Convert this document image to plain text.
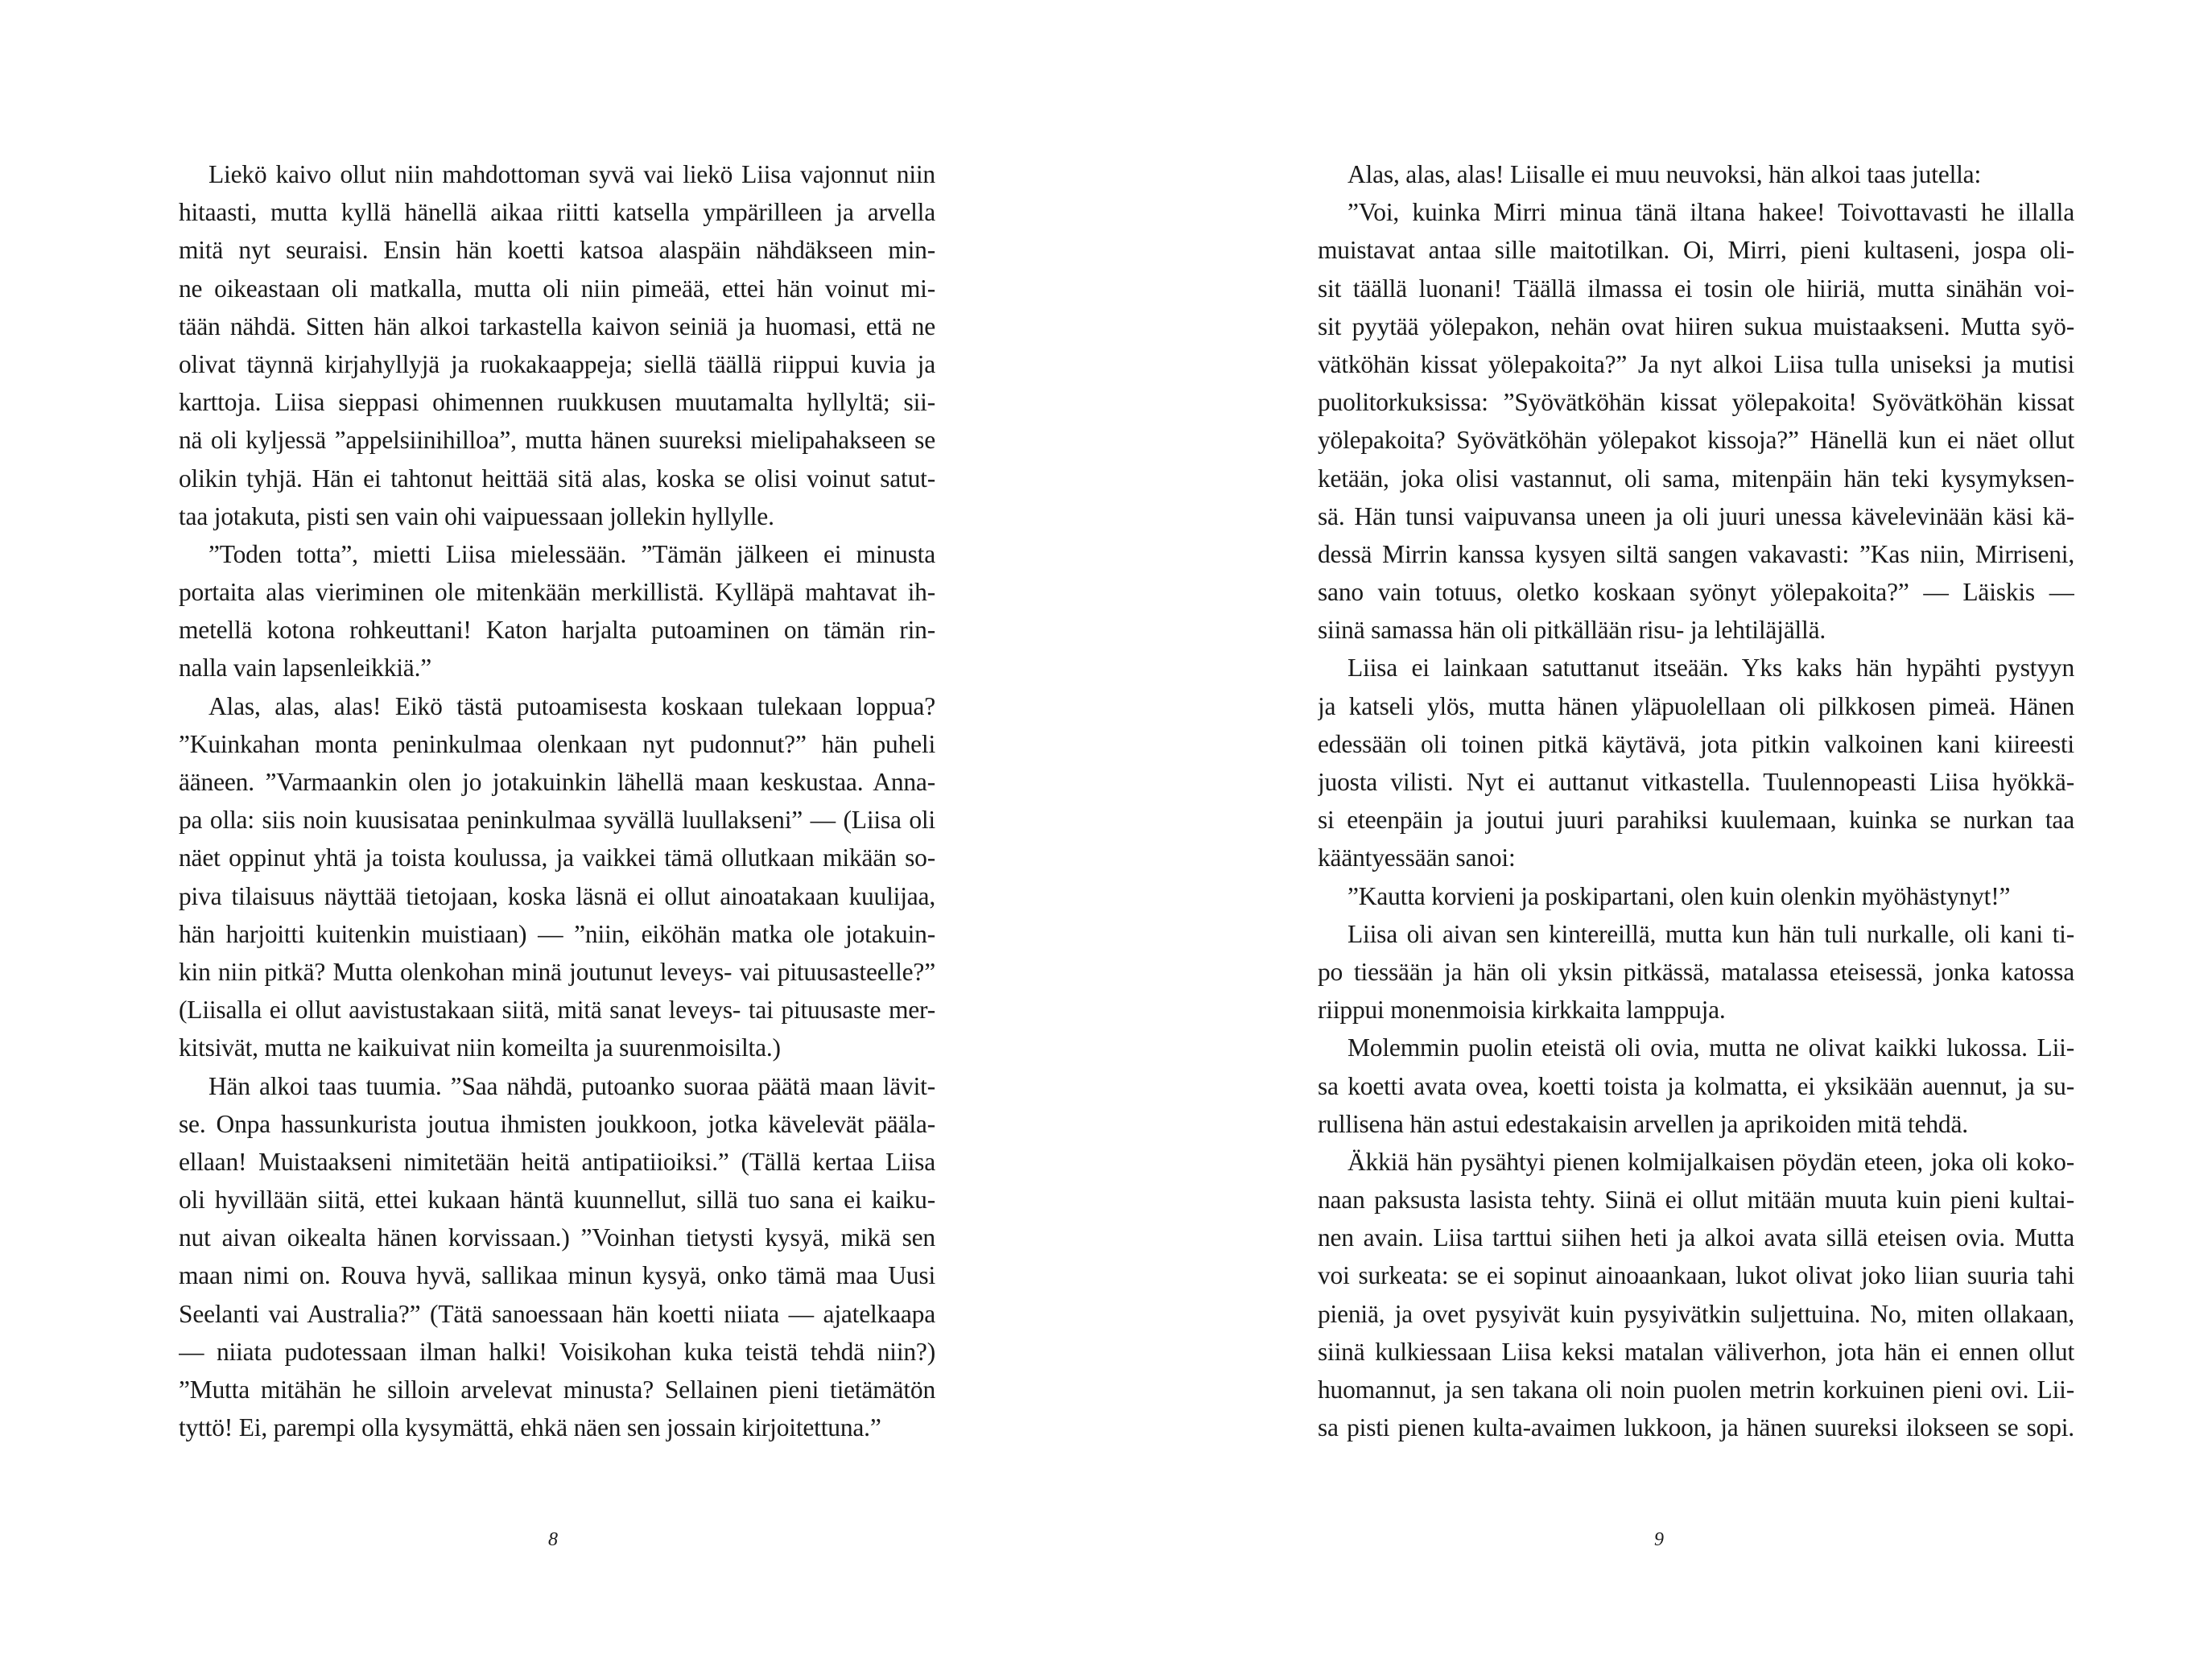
Liekö kaivo ollut niin mahdottoman syvä vai liekö Liisa vajonnut niin
hitaasti, mutta kyllä hänellä aikaa riitti katsella ympärilleen ja arvella
mitä nyt seuraisi. Ensin hän koetti katsoa alaspäin nähdäkseen min-
ne oikeastaan oli matkalla, mutta oli niin pimeää, ettei hän voinut mi-
tään nähdä. Sitten hän alkoi tarkastella kaivon seiniä ja huomasi, että ne
olivat täynnä kirjahyllyjä ja ruokakaappeja; siellä täällä riippui kuvia ja
karttoja. Liisa sieppasi ohimennen ruukkusen muutamalta hyllyltä; sii-
nä oli kyljessä ”appelsiinihilloa”, mutta hänen suureksi mielipahakseen se
olikin tyhjä. Hän ei tahtonut heittää sitä alas, koska se olisi voinut satut-
taa jotakuta, pisti sen vain ohi vaipuessaan jollekin hyllylle.
”Toden totta”, mietti Liisa mielessään. ”Tämän jälkeen ei minusta
portaita alas vieriminen ole mitenkään merkillistä. Kylläpä mahtavat ih-
metellä kotona rohkeuttani! Katon harjalta putoaminen on tämän rin-
nalla vain lapsenleikkiä.”
Alas, alas, alas! Eikö tästä putoamisesta koskaan tulekaan loppua?
”Kuinkahan monta peninkulmaa olenkaan nyt pudonnut?” hän puheli
ääneen. ”Varmaankin olen jo jotakuinkin lähellä maan keskustaa. Anna-
pa olla: siis noin kuusisataa peninkulmaa syvällä luullakseni” — (Liisa oli
näet oppinut yhtä ja toista koulussa, ja vaikkei tämä ollutkaan mikään so-
piva tilaisuus näyttää tietojaan, koska läsnä ei ollut ainoatakaan kuulijaa,
hän harjoitti kuitenkin muistiaan) — ”niin, eiköhän matka ole jotakuin-
kin niin pitkä? Mutta olenkohan minä joutunut leveys- vai pituusasteelle?”
(Liisalla ei ollut aavistustakaan siitä, mitä sanat leveys- tai pituusaste mer-
kitsivät, mutta ne kaikuivat niin komeilta ja suurenmoisilta.)
Hän alkoi taas tuumia. ”Saa nähdä, putoanko suoraa päätä maan lävit-
se. Onpa hassunkurista joutua ihmisten joukkoon, jotka kävelevät päälа-
ellaan! Muistaakseni nimitetään heitä antipatiioiksi.” (Tällä kertaa Liisa
oli hyvillään siitä, ettei kukaan häntä kuunnellut, sillä tuo sana ei kaiku-
nut aivan oikealta hänen korvissaan.) ”Voinhan tietysti kysyä, mikä sen
maan nimi on. Rouva hyvä, sallikaa minun kysyä, onko tämä maa Uusi
Seelanti vai Australia?” (Tätä sanoessaan hän koetti niiata — ajatelkaapa
— niiata pudotessaan ilman halki! Voisikohan kuka teistä tehdä niin?)
”Mutta mitähän he silloin arvelevat minusta? Sellainen pieni tietämätön
tyttö! Ei, parempi olla kysymättä, ehkä näen sen jossain kirjoitettuna.”
8
Alas, alas, alas! Liisalle ei muu neuvoksi, hän alkoi taas jutella:
”Voi, kuinka Mirri minua tänä iltana hakee! Toivottavasti he illalla
muistavat antaa sille maitotilkan. Oi, Mirri, pieni kultaseni, jospa oli-
sit täällä luonani! Täällä ilmassa ei tosin ole hiiriä, mutta sinähän voi-
sit pyytää yölepakon, nehän ovat hiiren sukua muistaakseni. Mutta syö-
vätköhän kissat yölepakoita?” Ja nyt alkoi Liisa tulla uniseksi ja mutisi
puolitorkuksissa: ”Syövätköhän kissat yölepakoita! Syövätköhän kissat
yölepakoita? Syövätköhän yölepakot kissoja?” Hänellä kun ei näet ollut
ketään, joka olisi vastannut, oli sama, mitenpäin hän teki kysymyksen-
sä. Hän tunsi vaipuvansa uneen ja oli juuri unessa kävelevinään käsi kä-
dessä Mirrin kanssa kysyen siltä sangen vakavasti: ”Kas niin, Mirriseni,
sano vain totuus, oletko koskaan syönyt yölepakoita?” — Läiskis —
siinä samassa hän oli pitkällään risu- ja lehtiläjällä.
Liisa ei lainkaan satuttanut itseään. Yks kaks hän hypähti pystyyn
ja katseli ylös, mutta hänen yläpuolellaan oli pilkkosen pimeä. Hänen
edessään oli toinen pitkä käytävä, jota pitkin valkoinen kani kiireesti
juosta vilisti. Nyt ei auttanut vitkastella. Tuulennopeasti Liisa hyökkä-
si eteenpäin ja joutui juuri parahiksi kuulemaan, kuinka se nurkan taa
kääntyessään sanoi:
”Kautta korvieni ja poskipartani, olen kuin olenkin myöhästynyt!”
Liisa oli aivan sen kintereillä, mutta kun hän tuli nurkalle, oli kani ti-
po tiessään ja hän oli yksin pitkässä, matalassa eteisessä, jonka katossa
riippui monenmoisia kirkkaita lamppuja.
Molemmin puolin eteistä oli ovia, mutta ne olivat kaikki lukossa. Lii-
sa koetti avata ovea, koetti toista ja kolmatta, ei yksikään auennut, ja su-
rullisena hän astui edestakaisin arvellen ja aprikoiden mitä tehdä.
Äkkiä hän pysähtyi pienen kolmijalkaisen pöydän eteen, joka oli koko-
naan paksusta lasista tehty. Siinä ei ollut mitään muuta kuin pieni kultai-
nen avain. Liisa tarttui siihen heti ja alkoi avata sillä eteisen ovia. Mutta
voi surkeata: se ei sopinut ainoaankaan, lukot olivat joko liian suuria tahi
pieniä, ja ovet pysyivät kuin pysyivätkin suljettuina. No, miten ollakaan,
siinä kulkiessaan Liisa keksi matalan väliverhon, jota hän ei ennen ollut
huomannut, ja sen takana oli noin puolen metrin korkuinen pieni ovi. Lii-
sa pisti pienen kulta-avaimen lukkoon, ja hänen suureksi ilokseen se sopi.
9
